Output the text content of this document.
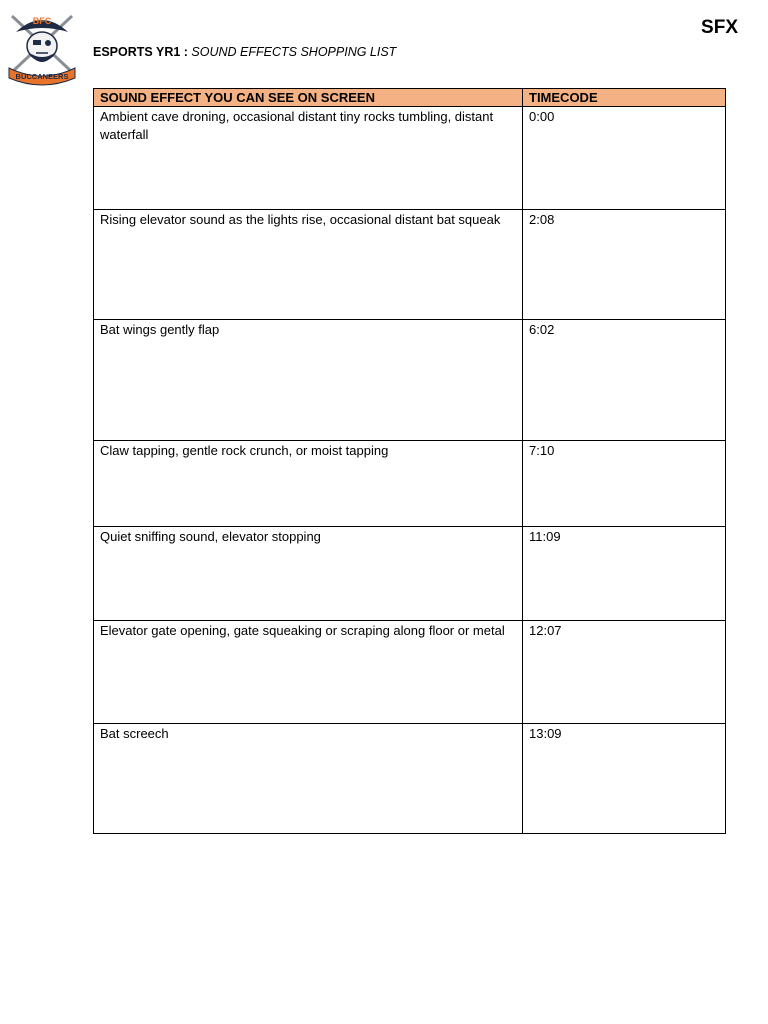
BFC
BUCCANEERS
SFX
ESPORTS YR1 : SOUND EFFECTS SHOPPING LIST
SOUND EFFECT YOU CAN SEE ON SCREEN	TIMECODE
Ambient cave droning, occasional distant tiny rocks tumbling, distant waterfall	0:00
Rising elevator sound as the lights rise, occasional distant bat squeak	2:08
Bat wings gently flap	6:02
Claw tapping, gentle rock crunch, or moist tapping	7:10
Quiet sniffing sound, elevator stopping	11:09
Elevator gate opening, gate squeaking or scraping along floor or metal	12:07
Bat screech	13:09
